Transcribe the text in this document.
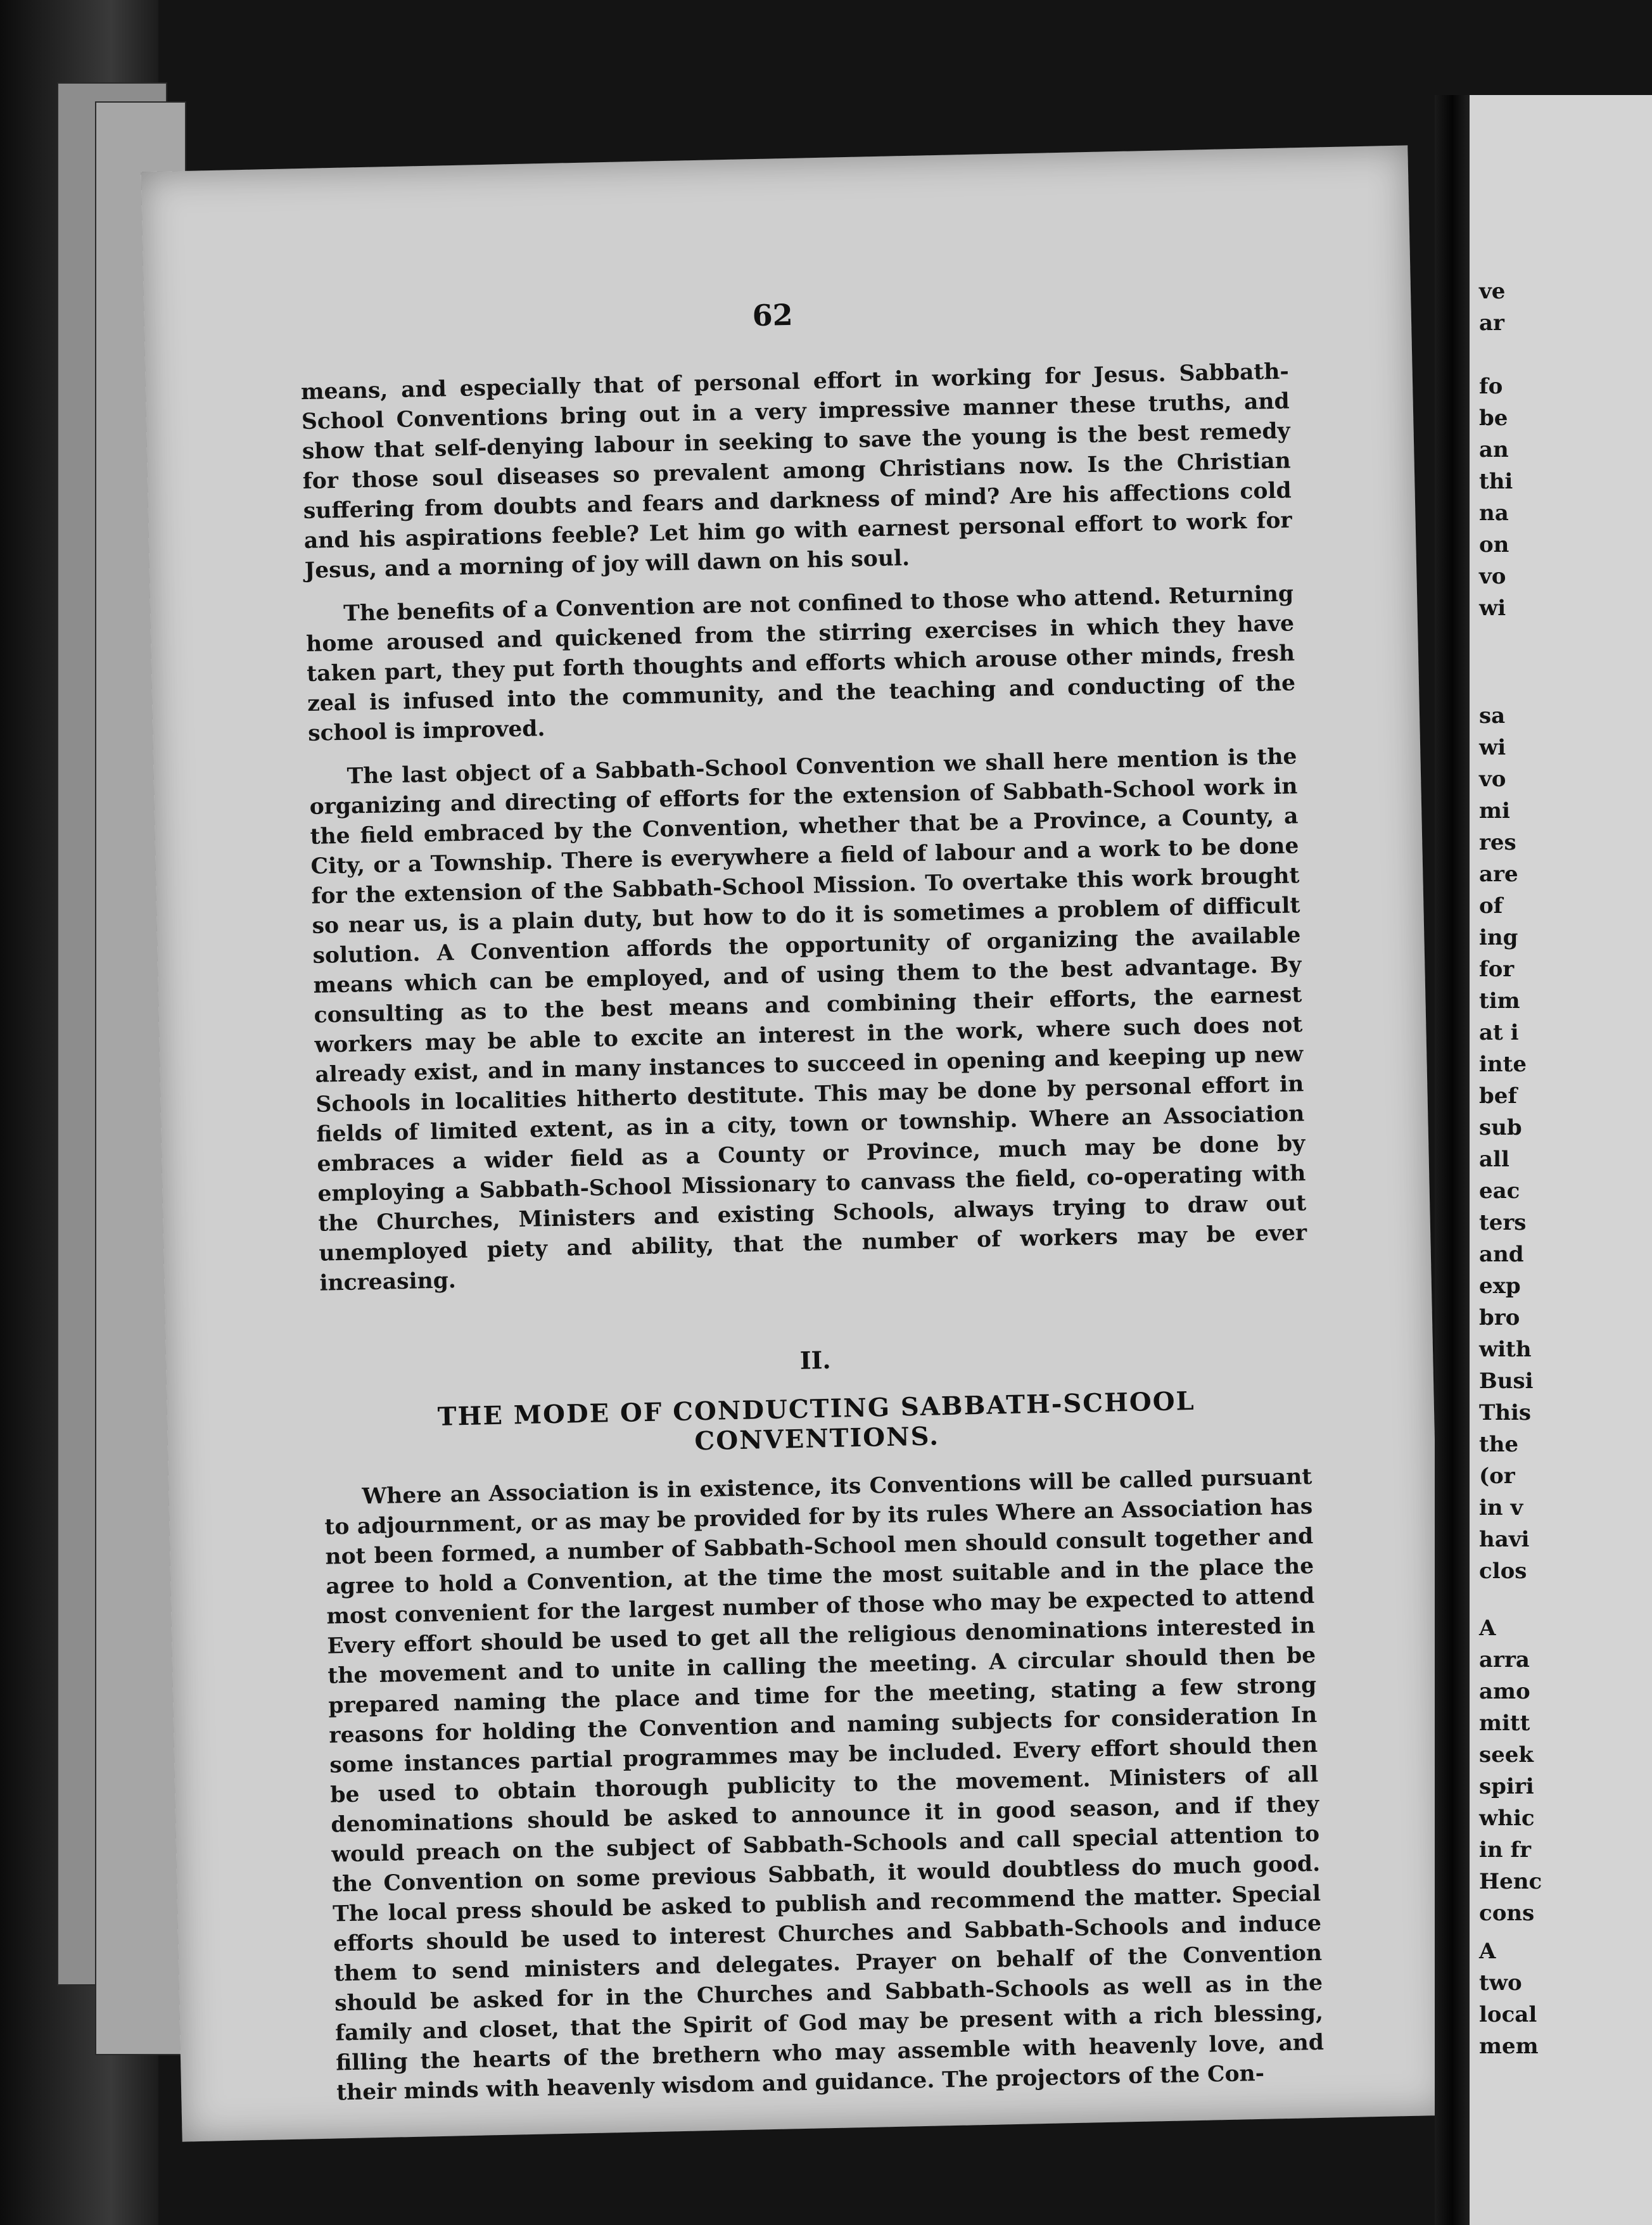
62

means, and especially that of personal effort in working for Jesus. Sabbath-School Conventions bring out in a very impressive manner these truths, and show that self-denying labour in seeking to save the young is the best remedy for those soul diseases so prevalent among Christians now. Is the Christian suffering from doubts and fears and darkness of mind? Are his affections cold and his aspirations feeble? Let him go with earnest personal effort to work for Jesus, and a morning of joy will dawn on his soul.

The benefits of a Convention are not confined to those who attend. Returning home aroused and quickened from the stirring exercises in which they have taken part, they put forth thoughts and efforts which arouse other minds, fresh zeal is infused into the community, and the teaching and conducting of the school is improved.

The last object of a Sabbath-School Convention we shall here mention is the organizing and directing of efforts for the extension of Sabbath-School work in the field embraced by the Convention, whether that be a Province, a County, a City, or a Township. There is everywhere a field of labour and a work to be done for the extension of the Sabbath-School Mission. To overtake this work brought so near us, is a plain duty, but how to do it is sometimes a problem of difficult solution. A Convention affords the opportunity of organizing the available means which can be employed, and of using them to the best advantage. By consulting as to the best means and combining their efforts, the earnest workers may be able to excite an interest in the work, where such does not already exist, and in many instances to succeed in opening and keeping up new Schools in localities hitherto destitute. This may be done by personal effort in fields of limited extent, as in a city, town or township. Where an Association embraces a wider field as a County or Province, much may be done by employing a Sabbath-School Missionary to canvass the field, co-operating with the Churches, Ministers and existing Schools, always trying to draw out unemployed piety and ability, that the number of workers may be ever increasing.

II.
THE MODE OF CONDUCTING SABBATH-SCHOOL CONVENTIONS.

Where an Association is in existence, its Conventions will be called pursuant to adjournment, or as may be provided for by its rules Where an Association has not been formed, a number of Sabbath-School men should consult together and agree to hold a Convention, at the time the most suitable and in the place the most convenient for the largest number of those who may be expected to attend Every effort should be used to get all the religious denominations interested in the movement and to unite in calling the meeting. A circular should then be prepared naming the place and time for the meeting, stating a few strong reasons for holding the Convention and naming subjects for consideration In some instances partial programmes may be included. Every effort should then be used to obtain thorough publicity to the movement. Ministers of all denominations should be asked to announce it in good season, and if they would preach on the subject of Sabbath-Schools and call special attention to the Convention on some previous Sabbath, it would doubtless do much good. The local press should be asked to publish and recommend the matter. Special efforts should be used to interest Churches and Sabbath-Schools and induce them to send ministers and delegates. Prayer on behalf of the Convention should be asked for in the Churches and Sabbath-Schools as well as in the family and closet, that the Spirit of God may be present with a rich blessing, filling the hearts of the brethern who may assemble with heavenly love, and their minds with heavenly wisdom and guidance. The projectors of the Con-

ve
ar
fo
be
an
thi
na
on
vo
wi
sa
wi
vo
mi
res
are
of
ing
for
tim
at i
inte
bef
sub
all
eac
ters
and
exp
bro
with
Busi
This
the
(or
in v
havi
clos
A
arra
amo
mitt
seek
spiri
whic
in fr
Henc
cons
A
two
local
mem
